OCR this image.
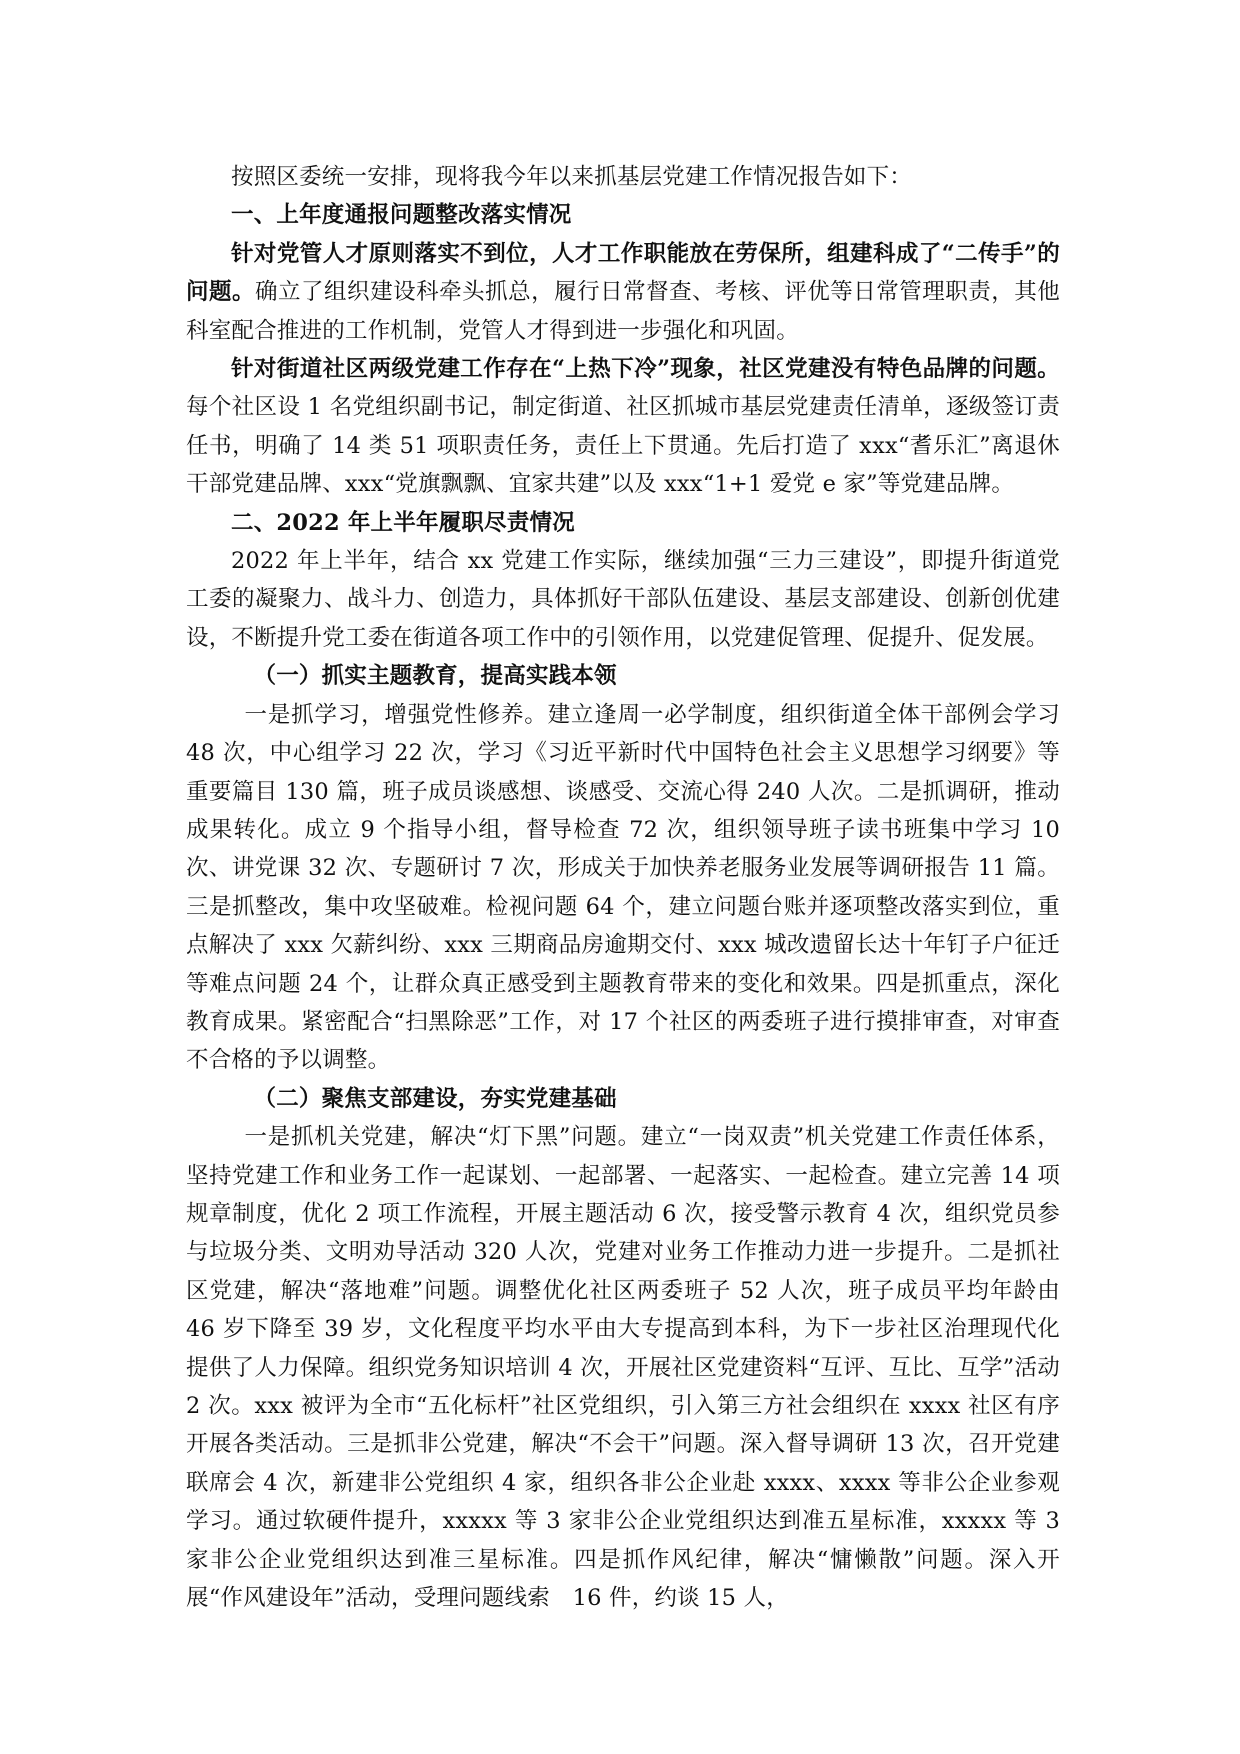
按照区委统一安排，现将我今年以来抓基层党建工作情况报告如下：

一、上年度通报问题整改落实情况

针对党管人才原则落实不到位，人才工作职能放在劳保所，组建科成了“二传手”的问题。确立了组织建设科牵头抓总，履行日常督查、考核、评优等日常管理职责，其他科室配合推进的工作机制，党管人才得到进一步强化和巩固。

针对街道社区两级党建工作存在“上热下冷”现象，社区党建没有特色品牌的问题。每个社区设 1 名党组织副书记，制定街道、社区抓城市基层党建责任清单，逐级签订责任书，明确了 14 类 51 项职责任务，责任上下贯通。先后打造了 xxx“耆乐汇”离退休干部党建品牌、xxx“党旗飘飘、宜家共建”以及 xxx“1+1 爱党 e 家”等党建品牌。

二、2022 年上半年履职尽责情况

2022 年上半年，结合 xx 党建工作实际，继续加强“三力三建设”，即提升街道党工委的凝聚力、战斗力、创造力，具体抓好干部队伍建设、基层支部建设、创新创优建设，不断提升党工委在街道各项工作中的引领作用，以党建促管理、促提升、促发展。

（一）抓实主题教育，提高实践本领

一是抓学习，增强党性修养。建立逢周一必学制度，组织街道全体干部例会学习 48 次，中心组学习 22 次，学习《习近平新时代中国特色社会主义思想学习纲要》等重要篇目 130 篇，班子成员谈感想、谈感受、交流心得 240 人次。二是抓调研，推动成果转化。成立 9 个指导小组，督导检查 72 次，组织领导班子读书班集中学习 10 次、讲党课 32 次、专题研讨 7 次，形成关于加快养老服务业发展等调研报告 11 篇。三是抓整改，集中攻坚破难。检视问题 64 个，建立问题台账并逐项整改落实到位，重点解决了 xxx 欠薪纠纷、xxx 三期商品房逾期交付、xxx 城改遗留长达十年钉子户征迁等难点问题 24 个，让群众真正感受到主题教育带来的变化和效果。四是抓重点，深化教育成果。紧密配合“扫黑除恶”工作，对 17 个社区的两委班子进行摸排审查，对审查不合格的予以调整。

（二）聚焦支部建设，夯实党建基础

一是抓机关党建，解决“灯下黑”问题。建立“一岗双责”机关党建工作责任体系，坚持党建工作和业务工作一起谋划、一起部署、一起落实、一起检查。建立完善 14 项规章制度，优化 2 项工作流程，开展主题活动 6 次，接受警示教育 4 次，组织党员参与垃圾分类、文明劝导活动 320 人次，党建对业务工作推动力进一步提升。二是抓社区党建，解决“落地难”问题。调整优化社区两委班子 52 人次，班子成员平均年龄由 46 岁下降至 39 岁，文化程度平均水平由大专提高到本科，为下一步社区治理现代化提供了人力保障。组织党务知识培训 4 次，开展社区党建资料“互评、互比、互学”活动 2 次。xxx 被评为全市“五化标杆”社区党组织，引入第三方社会组织在 xxxx 社区有序开展各类活动。三是抓非公党建，解决“不会干”问题。深入督导调研 13 次，召开党建联席会 4 次，新建非公党组织 4 家，组织各非公企业赴 xxxx、xxxx 等非公企业参观学习。通过软硬件提升，xxxxx 等 3 家非公企业党组织达到准五星标准，xxxxx 等 3 家非公企业党组织达到准三星标准。四是抓作风纪律，解决“慵懒散”问题。深入开展“作风建设年”活动，受理问题线索　16 件，约谈 15 人，
